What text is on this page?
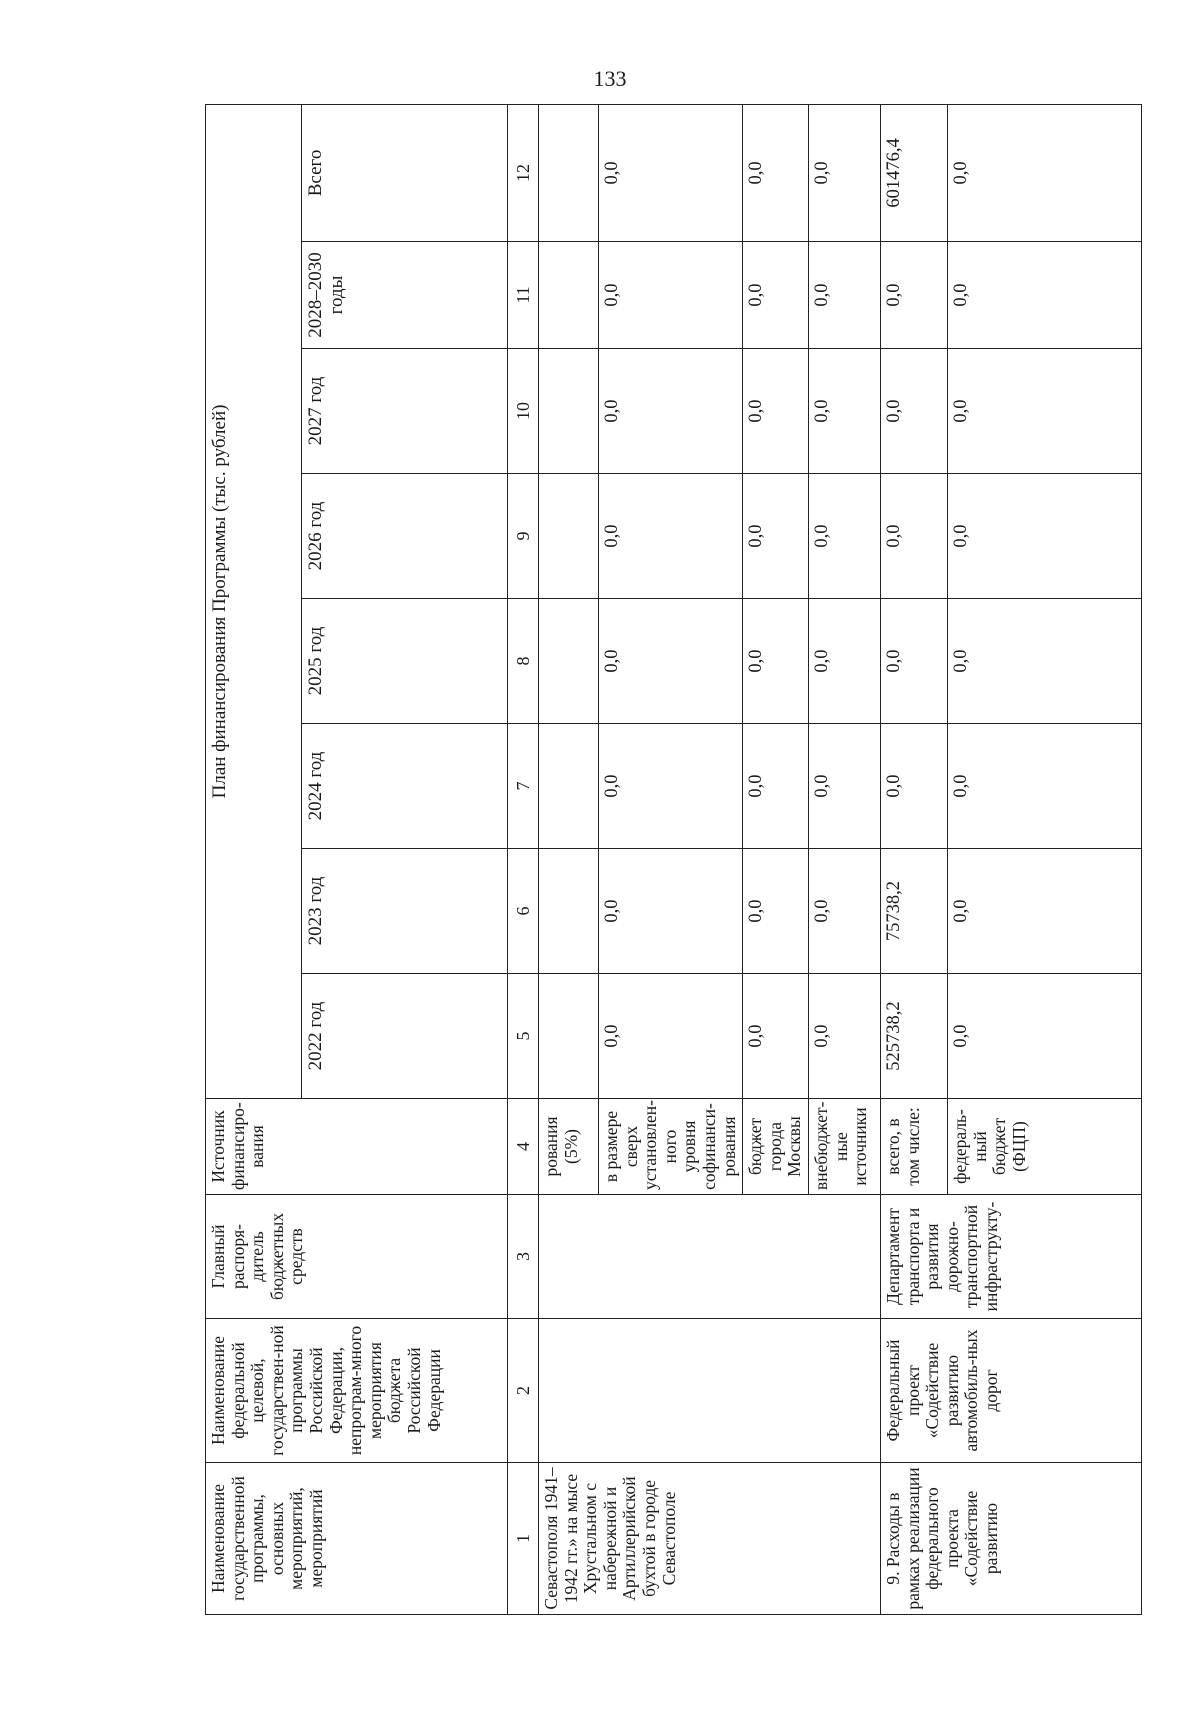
133
Наименование государственной программы, основных мероприятий, мероприятий	Наименование федеральной целевой, государствен-ной программы Российской Федерации, непрограм-много мероприятия бюджета Российской Федерации	Главный распоря-дитель бюджетных средств	Источник финансиро-вания	План финансирования Программы (тыс. рублей)							
				2022 год	2023 год	2024 год	2025 год	2026 год	2027 год	2028–2030 годы	Всего
1	2	3	4	5	6	7	8	9	10	11	12
Севастополя 1941–1942 гг.» на мысе Хрустальном с набережной и Артиллерийской бухтой в городе Севастополе			рования (5%)								
			в размере сверх установлен-ного уровня софинанси-рования	0,0	0,0	0,0	0,0	0,0	0,0	0,0	0,0
			бюджет города Москвы	0,0	0,0	0,0	0,0	0,0	0,0	0,0	0,0
			внебюджет-ные источники	0,0	0,0	0,0	0,0	0,0	0,0	0,0	0,0
9. Расходы в рамках реализации федерального проекта «Содействие развитию	Федеральный проект «Содействие развитию автомобиль-ных дорог	Департамент транспорта и развития дорожно-транспортной инфраструкту-	всего, в том числе:	525738,2	75738,2	0,0	0,0	0,0	0,0	0,0	601476,4
			федераль-ный бюджет (ФЦП)	0,0	0,0	0,0	0,0	0,0	0,0	0,0	0,0
